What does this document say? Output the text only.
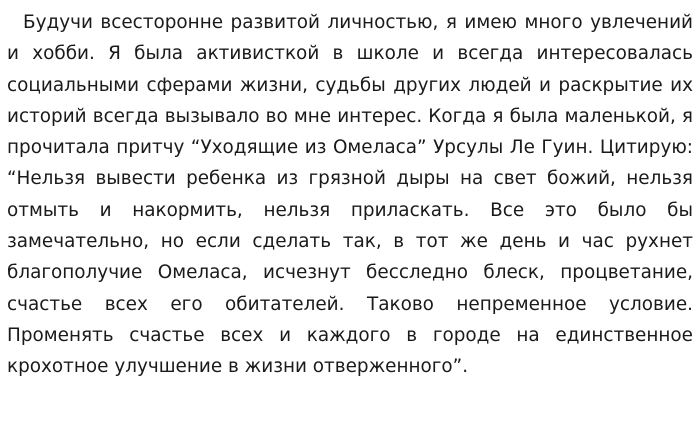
Будучи всесторонне развитой личностью, я имею много увлечений и хобби. Я была активисткой в школе и всегда интересовалась социальными сферами жизни, судьбы других людей и раскрытие их историй всегда вызывало во мне интерес. Когда я была маленькой, я прочитала притчу “Уходящие из Омеласа” Урсулы Ле Гуин. Цитирую: “Нельзя вывести ребенка из грязной дыры на свет божий, нельзя отмыть и накормить, нельзя приласкать. Все это было бы замечательно, но если сделать так, в тот же день и час рухнет благополучие Омеласа, исчезнут бесследно блеск, процветание, счастье всех его обитателей. Таково непременное условие. Променять счастье всех и каждого в городе на единственное крохотное улучшение в жизни отверженного”.
